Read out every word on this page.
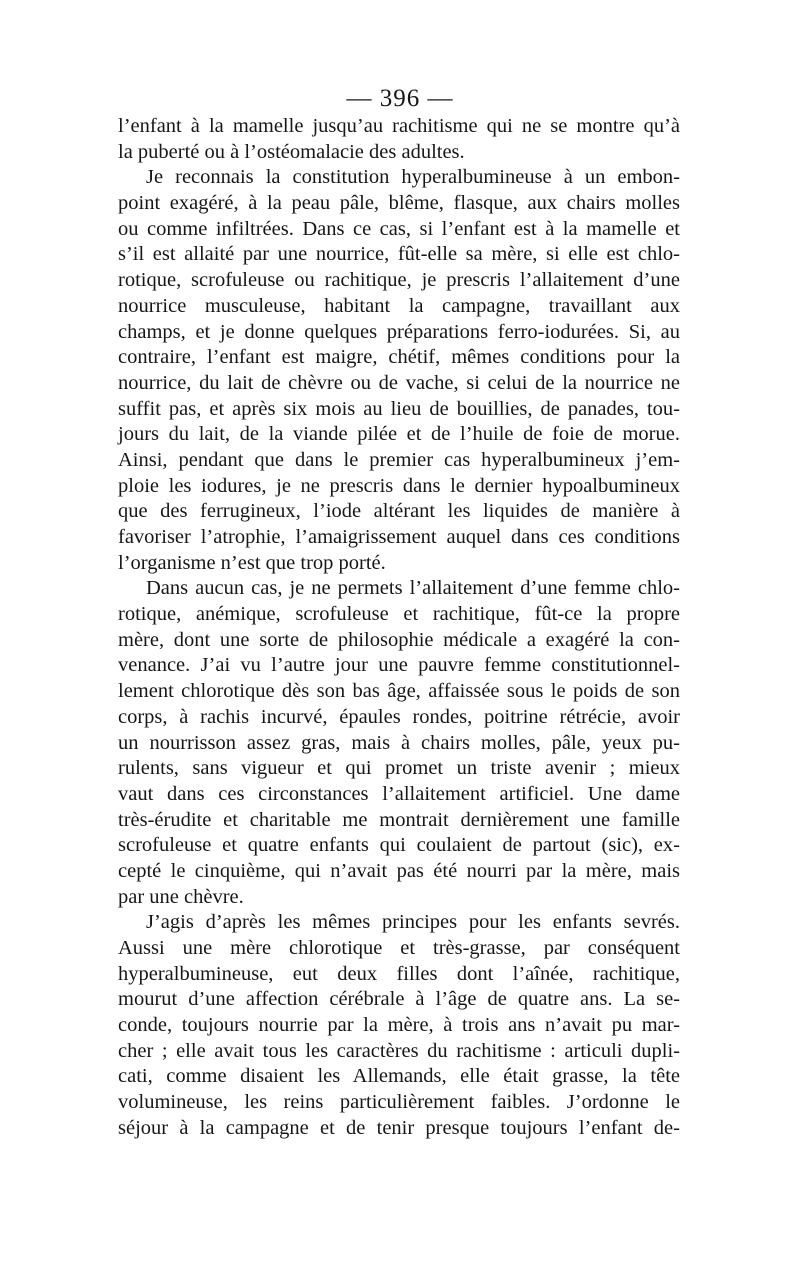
— 396 —
l’enfant à la mamelle jusqu’au rachitisme qui ne se montre qu’à
la puberté ou à l’ostéomalacie des adultes.
Je reconnais la constitution hyperalbumineuse à un embon-
point exagéré, à la peau pâle, blême, flasque, aux chairs molles
ou comme infiltrées. Dans ce cas, si l’enfant est à la mamelle et
s’il est allaité par une nourrice, fût-elle sa mère, si elle est chlo-
rotique, scrofuleuse ou rachitique, je prescris l’allaitement d’une
nourrice musculeuse, habitant la campagne, travaillant aux
champs, et je donne quelques préparations ferro-iodurées. Si, au
contraire, l’enfant est maigre, chétif, mêmes conditions pour la
nourrice, du lait de chèvre ou de vache, si celui de la nourrice ne
suffit pas, et après six mois au lieu de bouillies, de panades, tou-
jours du lait, de la viande pilée et de l’huile de foie de morue.
Ainsi, pendant que dans le premier cas hyperalbumineux j’em-
ploie les iodures, je ne prescris dans le dernier hypoalbumineux
que des ferrugineux, l’iode altérant les liquides de manière à
favoriser l’atrophie, l’amaigrissement auquel dans ces conditions
l’organisme n’est que trop porté.
Dans aucun cas, je ne permets l’allaitement d’une femme chlo-
rotique, anémique, scrofuleuse et rachitique, fût-ce la propre
mère, dont une sorte de philosophie médicale a exagéré la con-
venance. J’ai vu l’autre jour une pauvre femme constitutionnel-
lement chlorotique dès son bas âge, affaissée sous le poids de son
corps, à rachis incurvé, épaules rondes, poitrine rétrécie, avoir
un nourrisson assez gras, mais à chairs molles, pâle, yeux pu-
rulents, sans vigueur et qui promet un triste avenir ; mieux
vaut dans ces circonstances l’allaitement artificiel. Une dame
très-érudite et charitable me montrait dernièrement une famille
scrofuleuse et quatre enfants qui coulaient de partout (sic), ex-
cepté le cinquième, qui n’avait pas été nourri par la mère, mais
par une chèvre.
J’agis d’après les mêmes principes pour les enfants sevrés.
Aussi une mère chlorotique et très-grasse, par conséquent
hyperalbumineuse, eut deux filles dont l’aînée, rachitique,
mourut d’une affection cérébrale à l’âge de quatre ans. La se-
conde, toujours nourrie par la mère, à trois ans n’avait pu mar-
cher ; elle avait tous les caractères du rachitisme : articuli dupli-
cati, comme disaient les Allemands, elle était grasse, la tête
volumineuse, les reins particulièrement faibles. J’ordonne le
séjour à la campagne et de tenir presque toujours l’enfant de-
